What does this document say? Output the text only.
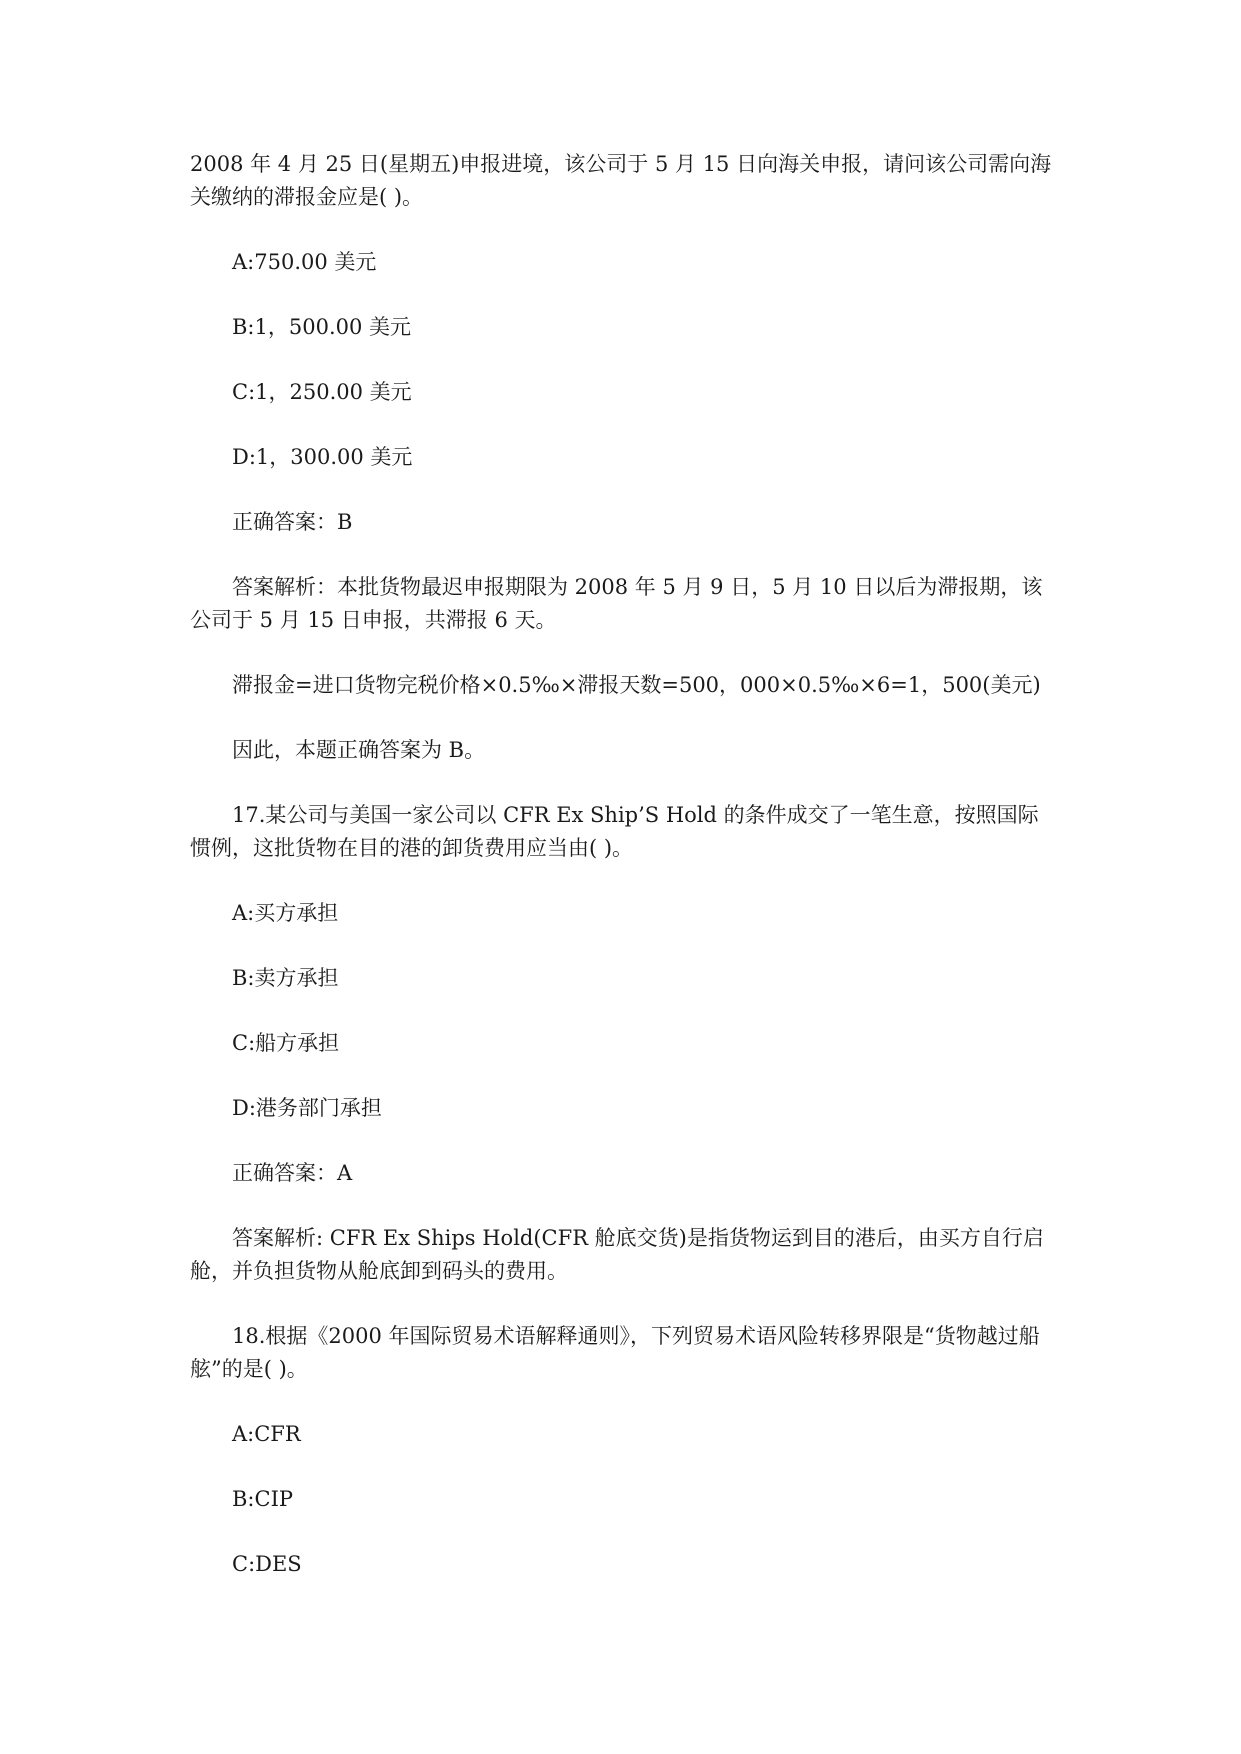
2008 年 4 月 25 日(星期五)申报进境，该公司于 5 月 15 日向海关申报，请问该公司需向海关缴纳的滞报金应是( )。

A:750.00 美元

B:1，500.00 美元

C:1，250.00 美元

D:1，300.00 美元

正确答案：B

答案解析：本批货物最迟申报期限为 2008 年 5 月 9 日，5 月 10 日以后为滞报期，该公司于 5 月 15 日申报，共滞报 6 天。

滞报金=进口货物完税价格×0.5‰×滞报天数=500，000×0.5‰×6=1，500(美元)

因此，本题正确答案为 B。

17.某公司与美国一家公司以 CFR Ex Ship’S Hold 的条件成交了一笔生意，按照国际惯例，这批货物在目的港的卸货费用应当由( )。

A:买方承担

B:卖方承担

C:船方承担

D:港务部门承担

正确答案：A

答案解析: CFR Ex Ships Hold(CFR 舱底交货)是指货物运到目的港后，由买方自行启舱，并负担货物从舱底卸到码头的费用。

18.根据《2000 年国际贸易术语解释通则》，下列贸易术语风险转移界限是“货物越过船舷”的是( )。

A:CFR

B:CIP

C:DES
